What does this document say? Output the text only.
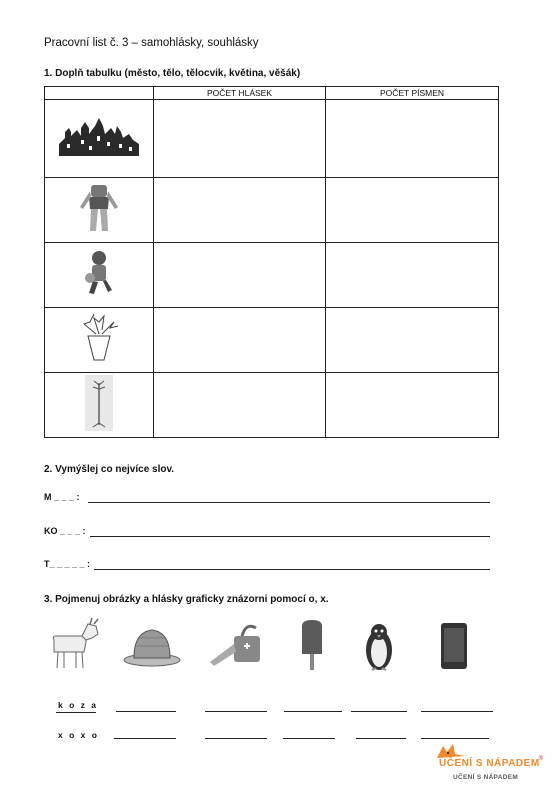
Pracovní list č. 3 – samohlásky, souhlásky
1. Doplň tabulku (město, tělo, tělocvik, květina, věšák)
	POČET HLÁSEK	POČET PÍSMEN

2. Vymýšlej co nejvíce slov.
M _ _ _ :
KO _ _ _ :
T_ _ _ _ _ :
3. Pojmenuj obrázky a hlásky graficky znázorni pomocí o, x.
k o z a
x o x o
UČENÍ S NÁPADEM
®
UČENÍ S NÁPADEM
